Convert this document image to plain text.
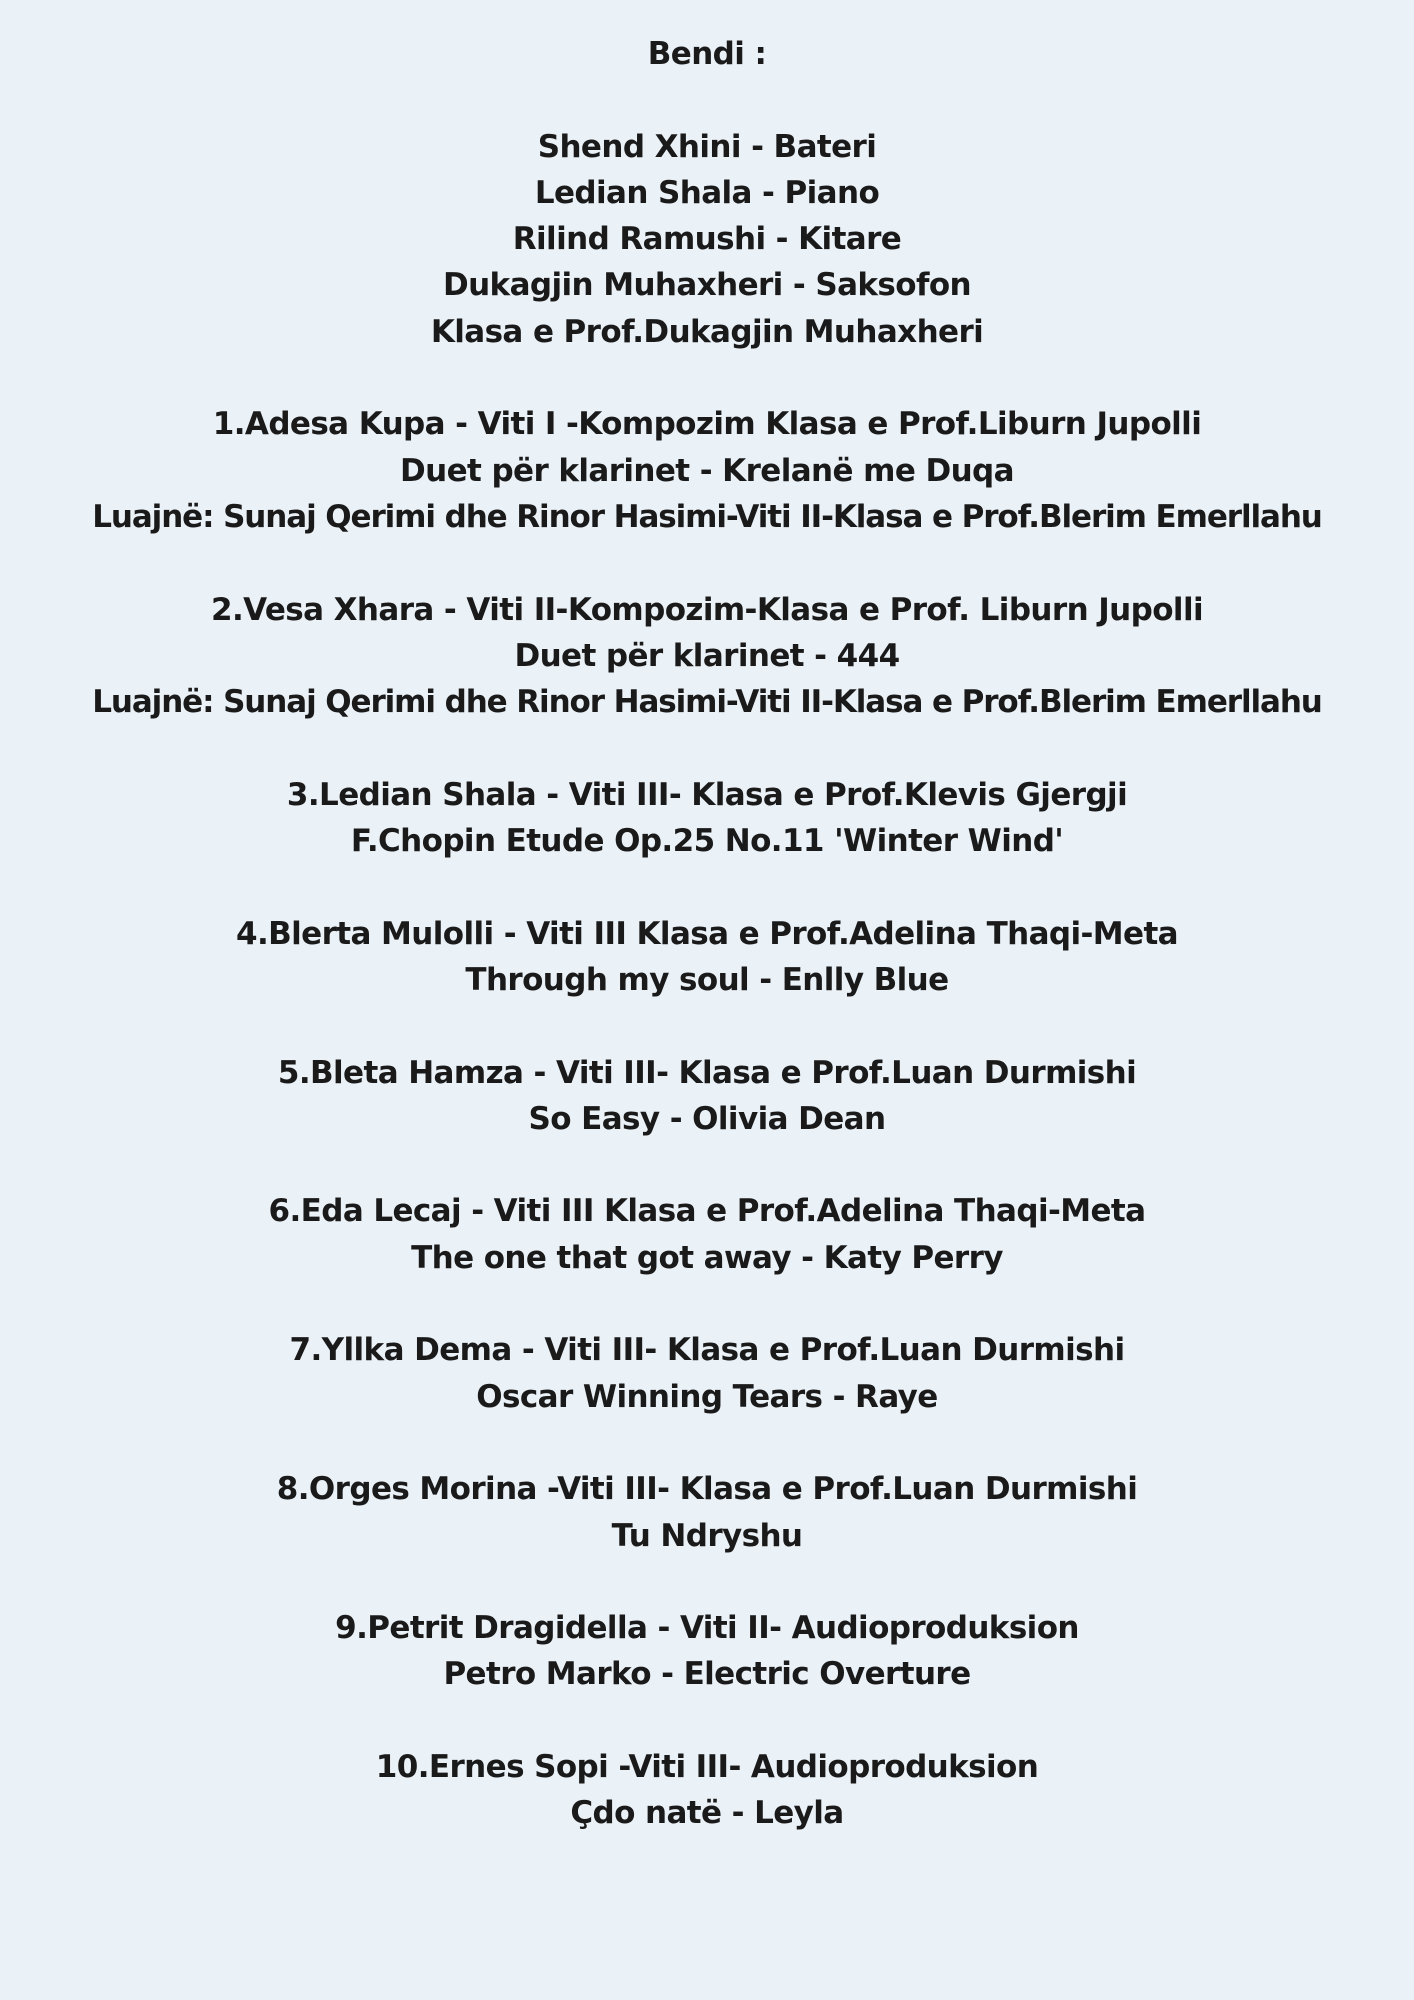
Bendi :
Shend Xhini - Bateri
Ledian Shala - Piano
Rilind Ramushi - Kitare
Dukagjin Muhaxheri - Saksofon
Klasa e Prof.Dukagjin Muhaxheri
1.Adesa Kupa - Viti I -Kompozim Klasa e Prof.Liburn Jupolli
Duet për klarinet - Krelanë me Duqa
Luajnë: Sunaj Qerimi dhe Rinor Hasimi-Viti II-Klasa e Prof.Blerim Emerllahu
2.Vesa Xhara - Viti II-Kompozim-Klasa e Prof. Liburn Jupolli
Duet për klarinet - 444
Luajnë: Sunaj Qerimi dhe Rinor Hasimi-Viti II-Klasa e Prof.Blerim Emerllahu
3.Ledian Shala - Viti III- Klasa e Prof.Klevis Gjergji
F.Chopin Etude Op.25 No.11 'Winter Wind'
4.Blerta Mulolli - Viti III Klasa e Prof.Adelina Thaqi-Meta
Through my soul - Enlly Blue
5.Bleta Hamza - Viti III- Klasa e Prof.Luan Durmishi
So Easy - Olivia Dean
6.Eda Lecaj - Viti III Klasa e Prof.Adelina Thaqi-Meta
The one that got away - Katy Perry
7.Yllka Dema - Viti III- Klasa e Prof.Luan Durmishi
Oscar Winning Tears - Raye
8.Orges Morina -Viti III- Klasa e Prof.Luan Durmishi
Tu Ndryshu
9.Petrit Dragidella - Viti II- Audioproduksion
Petro Marko - Electric Overture
10.Ernes Sopi -Viti III- Audioproduksion
Çdo natë - Leyla
